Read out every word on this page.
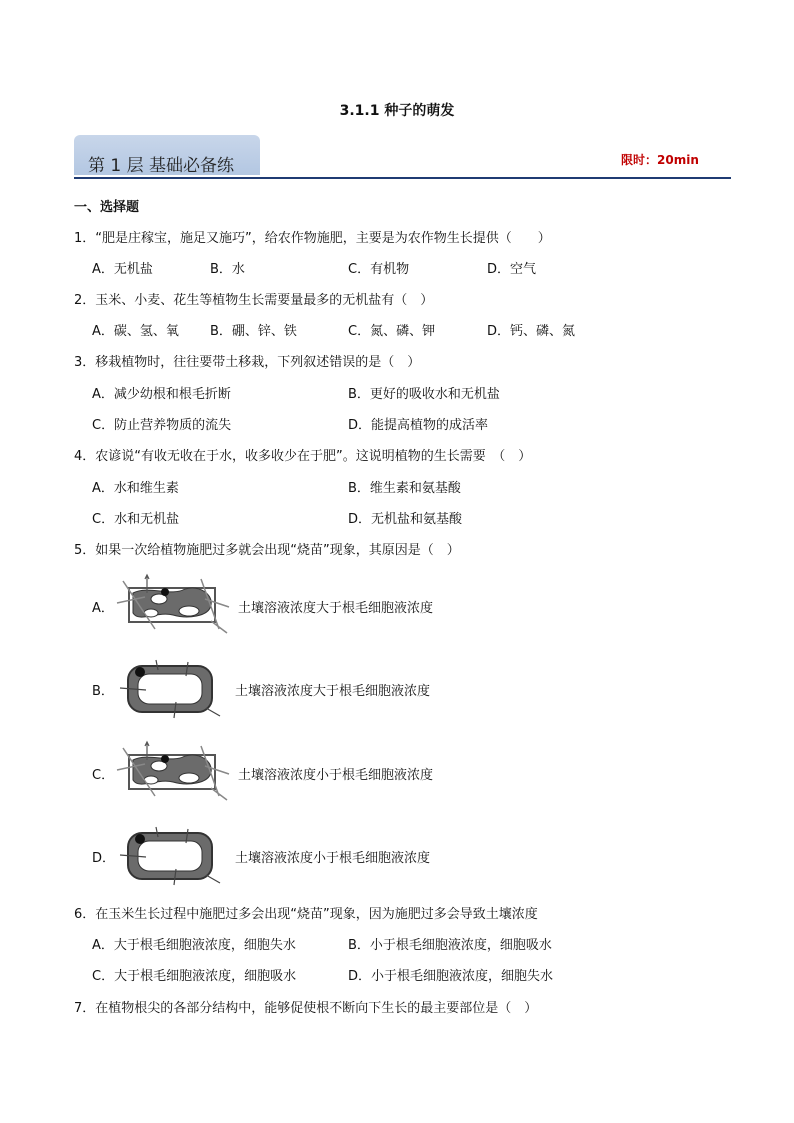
3.1.1 种子的萌发
第 1 层 基础必备练	限时：20min
一、选择题
1．“肥是庄稼宝，施足又施巧”，给农作物施肥，主要是为农作物生长提供（　　）
A．无机盐	B．水	C．有机物	D．空气
2．玉米、小麦、花生等植物生长需要量最多的无机盐有（　）
A．碳、氢、氧 B．硼、锌、铁	C．氮、磷、钾	D．钙、磷、氮
3．移栽植物时，往往要带土移栽，下列叙述错误的是（　）
A．减少幼根和根毛折断	B．更好的吸收水和无机盐
C．防止营养物质的流失	D．能提高植物的成活率
4．农谚说“有收无收在于水，收多收少在于肥”。这说明植物的生长需要　（　）
A．水和维生素	B．维生素和氨基酸
C．水和无机盐	D．无机盐和氨基酸
5．如果一次给植物施肥过多就会出现“烧苗”现象，其原因是（　）
A．	土壤溶液浓度大于根毛细胞液浓度
B．	土壤溶液浓度大于根毛细胞液浓度
C．	土壤溶液浓度小于根毛细胞液浓度
D．	土壤溶液浓度小于根毛细胞液浓度
6．在玉米生长过程中施肥过多会出现“烧苗”现象，因为施肥过多会导致土壤浓度
A．大于根毛细胞液浓度，细胞失水	B．小于根毛细胞液浓度，细胞吸水
C．大于根毛细胞液浓度，细胞吸水	D．小于根毛细胞液浓度，细胞失水
7．在植物根尖的各部分结构中，能够促使根不断向下生长的最主要部位是（　）
